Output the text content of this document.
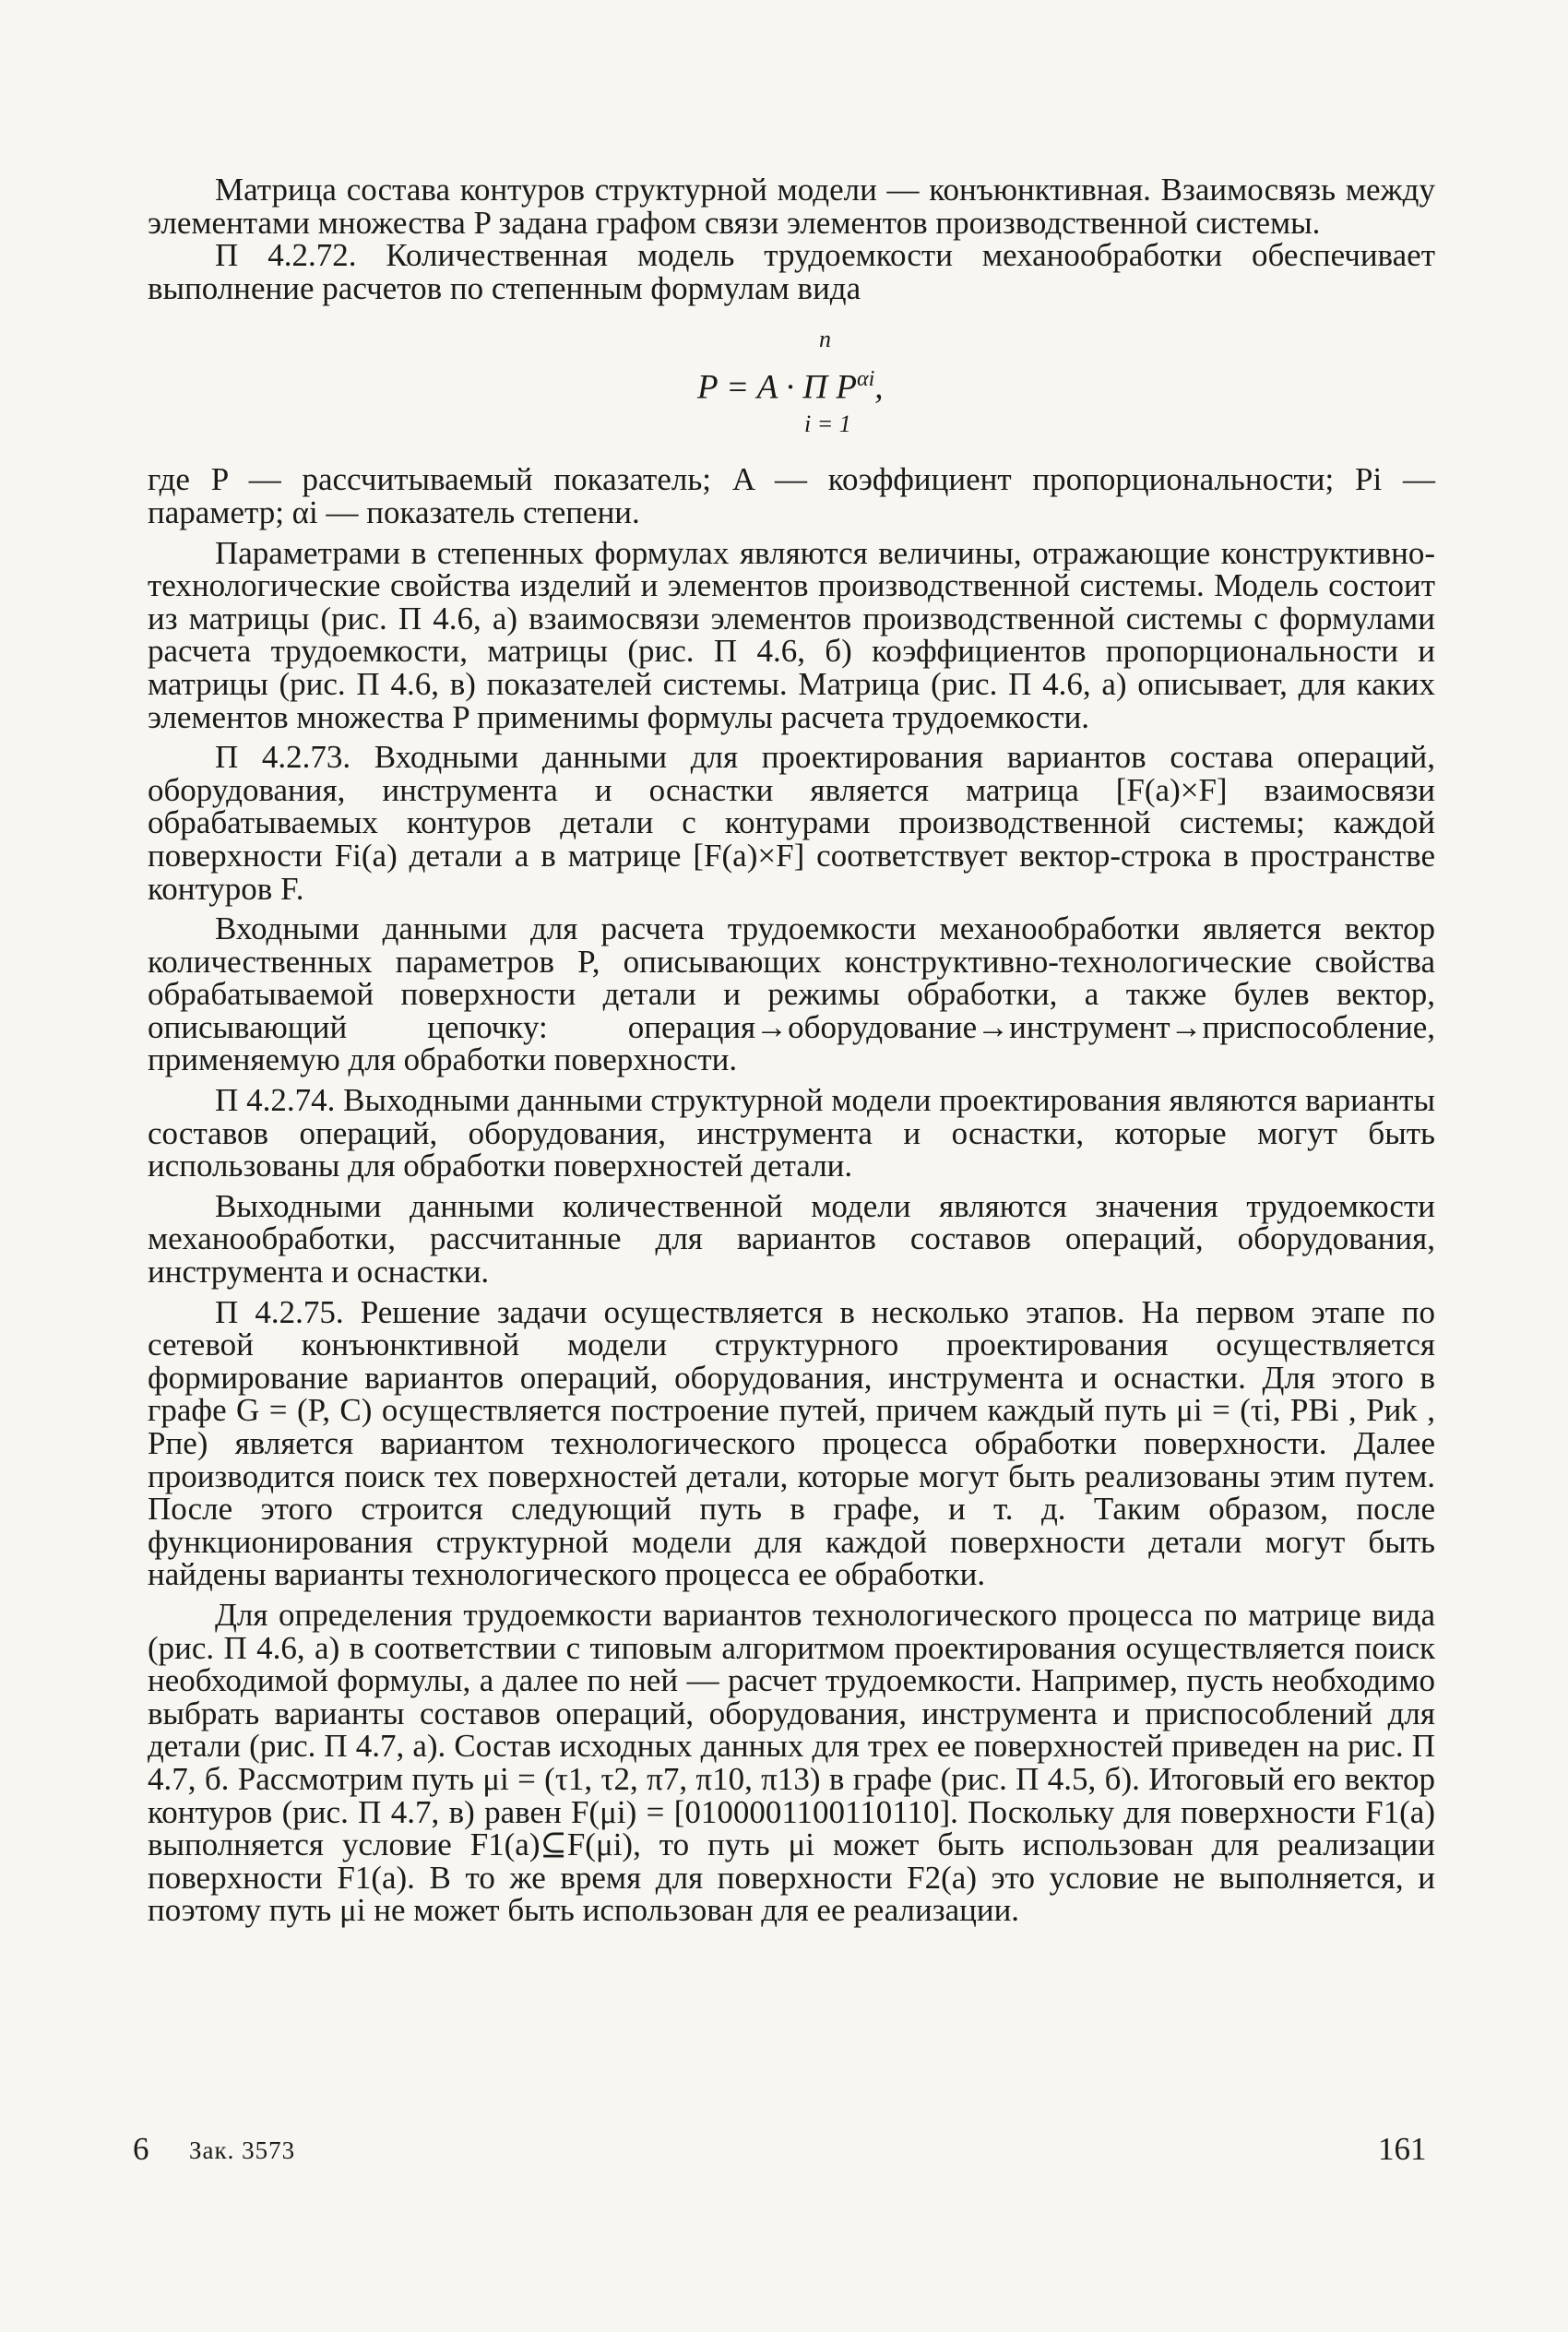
Матрица состава контуров структурной модели — конъюнктивная. Взаимосвязь между элементами множества P задана графом связи элементов производственной системы.

П 4.2.72. Количественная модель трудоемкости механообработки обеспечивает выполнение расчетов по степенным формулам вида

n
P = A · Π $P^{\alpha i}$,
i = 1

где P — рассчитываемый показатель; A — коэффициент пропорциональности; Pi — параметр; αi — показатель степени.

Параметрами в степенных формулах являются величины, отражающие конструктивно-технологические свойства изделий и элементов производственной системы. Модель состоит из матрицы (рис. П 4.6, а) взаимосвязи элементов производственной системы с формулами расчета трудоемкости, матрицы (рис. П 4.6, б) коэффициентов пропорциональности и матрицы (рис. П 4.6, в) показателей системы. Матрица (рис. П 4.6, а) описывает, для каких элементов множества P применимы формулы расчета трудоемкости.

П 4.2.73. Входными данными для проектирования вариантов состава операций, оборудования, инструмента и оснастки является матрица [F(a)×F] взаимосвязи обрабатываемых контуров детали с контурами производственной системы; каждой поверхности Fi(a) детали a в матрице [F(a)×F] соответствует вектор-строка в пространстве контуров F.

Входными данными для расчета трудоемкости механообработки является вектор количественных параметров P, описывающих конструктивно-технологические свойства обрабатываемой поверхности детали и режимы обработки, а также булев вектор, описывающий цепочку: операция→оборудование→инструмент→приспособление, применяемую для обработки поверхности.

П 4.2.74. Выходными данными структурной модели проектирования являются варианты составов операций, оборудования, инструмента и оснастки, которые могут быть использованы для обработки поверхностей детали.

Выходными данными количественной модели являются значения трудоемкости механообработки, рассчитанные для вариантов составов операций, оборудования, инструмента и оснастки.

П 4.2.75. Решение задачи осуществляется в несколько этапов. На первом этапе по сетевой конъюнктивной модели структурного проектирования осуществляется формирование вариантов операций, оборудования, инструмента и оснастки. Для этого в графе G = (P, C) осуществляется построение путей, причем каждый путь μi = (τi, PBi , Pиk , Pпe) является вариантом технологического процесса обработки поверхности. Далее производится поиск тех поверхностей детали, которые могут быть реализованы этим путем. После этого строится следующий путь в графе, и т. д. Таким образом, после функционирования структурной модели для каждой поверхности детали могут быть найдены варианты технологического процесса ее обработки.

Для определения трудоемкости вариантов технологического процесса по матрице вида (рис. П 4.6, а) в соответствии с типовым алгоритмом проектирования осуществляется поиск необходимой формулы, а далее по ней — расчет трудоемкости. Например, пусть необходимо выбрать варианты составов операций, оборудования, инструмента и приспособлений для детали (рис. П 4.7, а). Состав исходных данных для трех ее поверхностей приведен на рис. П 4.7, б. Рассмотрим путь μi = (τ1, τ2, π7, π10, π13) в графе (рис. П 4.5, б). Итоговый его вектор контуров (рис. П 4.7, в) равен F(μi) = [0100001100110110]. Поскольку для поверхности F1(a) выполняется условие F1(a)⊆F(μi), то путь μi может быть использован для реализации поверхности F1(a). В то же время для поверхности F2(a) это условие не выполняется, и поэтому путь μi не может быть использован для ее реализации.

6 Зак. 3573	161
